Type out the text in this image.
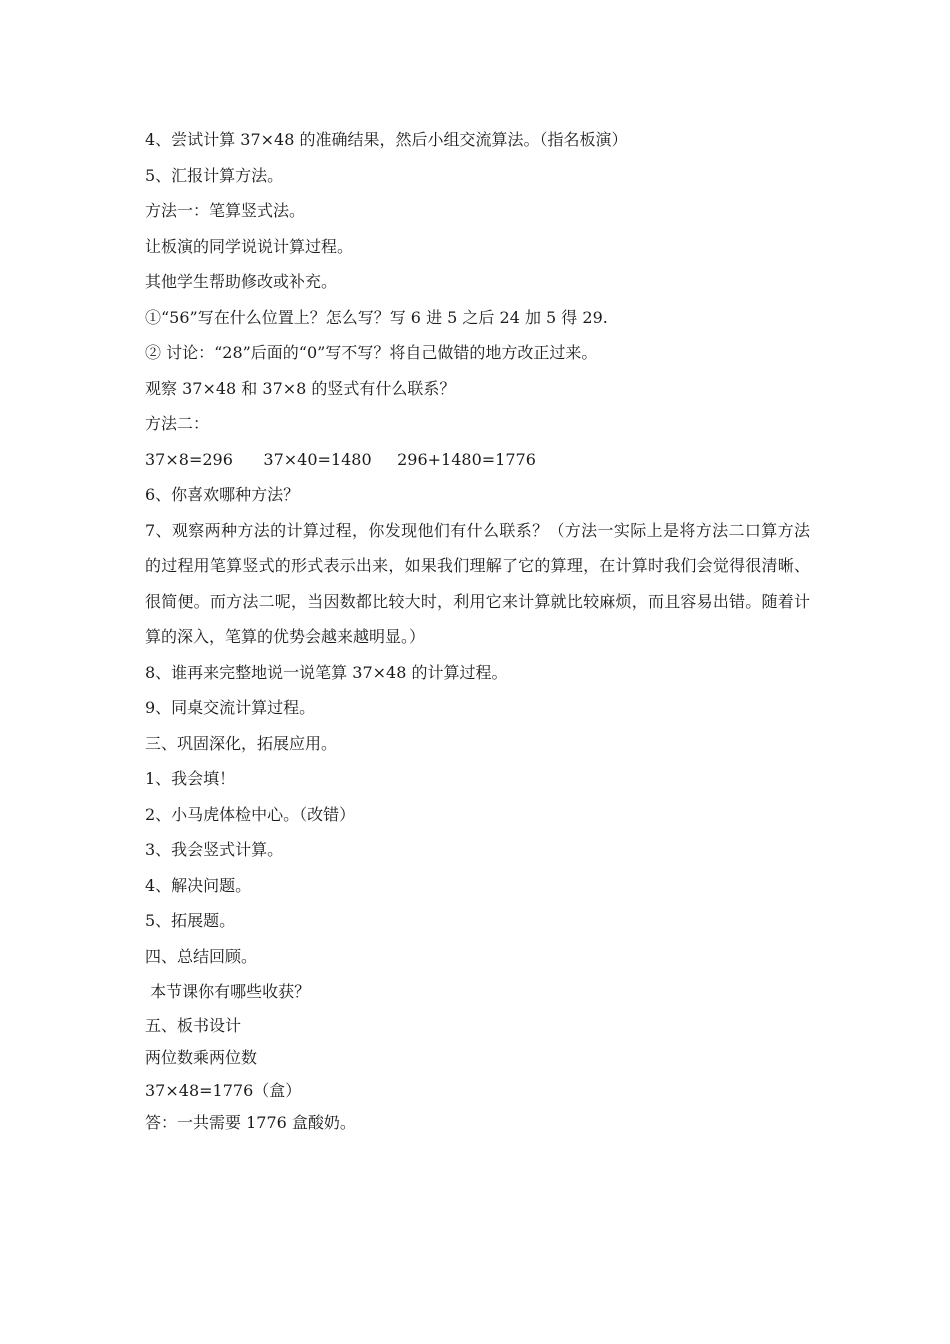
4、尝试计算 37×48 的准确结果，然后小组交流算法。（指名板演）

5、汇报计算方法。

方法一：笔算竖式法。

让板演的同学说说计算过程。

其他学生帮助修改或补充。

①“56”写在什么位置上？怎么写？写 6 进 5 之后 24 加 5 得 29.

② 讨论：“28”后面的“0”写不写？将自己做错的地方改正过来。

观察 37×48 和 37×8 的竖式有什么联系？

方法二：

37×8=296      37×40=1480     296+1480=1776

6、你喜欢哪种方法？

7、观察两种方法的计算过程，你发现他们有什么联系？（方法一实际上是将方法二口算方法的过程用笔算竖式的形式表示出来，如果我们理解了它的算理，在计算时我们会觉得很清晰、很简便。而方法二呢，当因数都比较大时，利用它来计算就比较麻烦，而且容易出错。随着计算的深入，笔算的优势会越来越明显。）

8、谁再来完整地说一说笔算 37×48 的计算过程。

9、同桌交流计算过程。

三、巩固深化，拓展应用。

1、我会填！

2、小马虎体检中心。（改错）

3、我会竖式计算。

4、解决问题。

5、拓展题。

四、总结回顾。

本节课你有哪些收获？

五、板书设计

两位数乘两位数

37×48=1776（盒）

答：一共需要 1776 盒酸奶。
